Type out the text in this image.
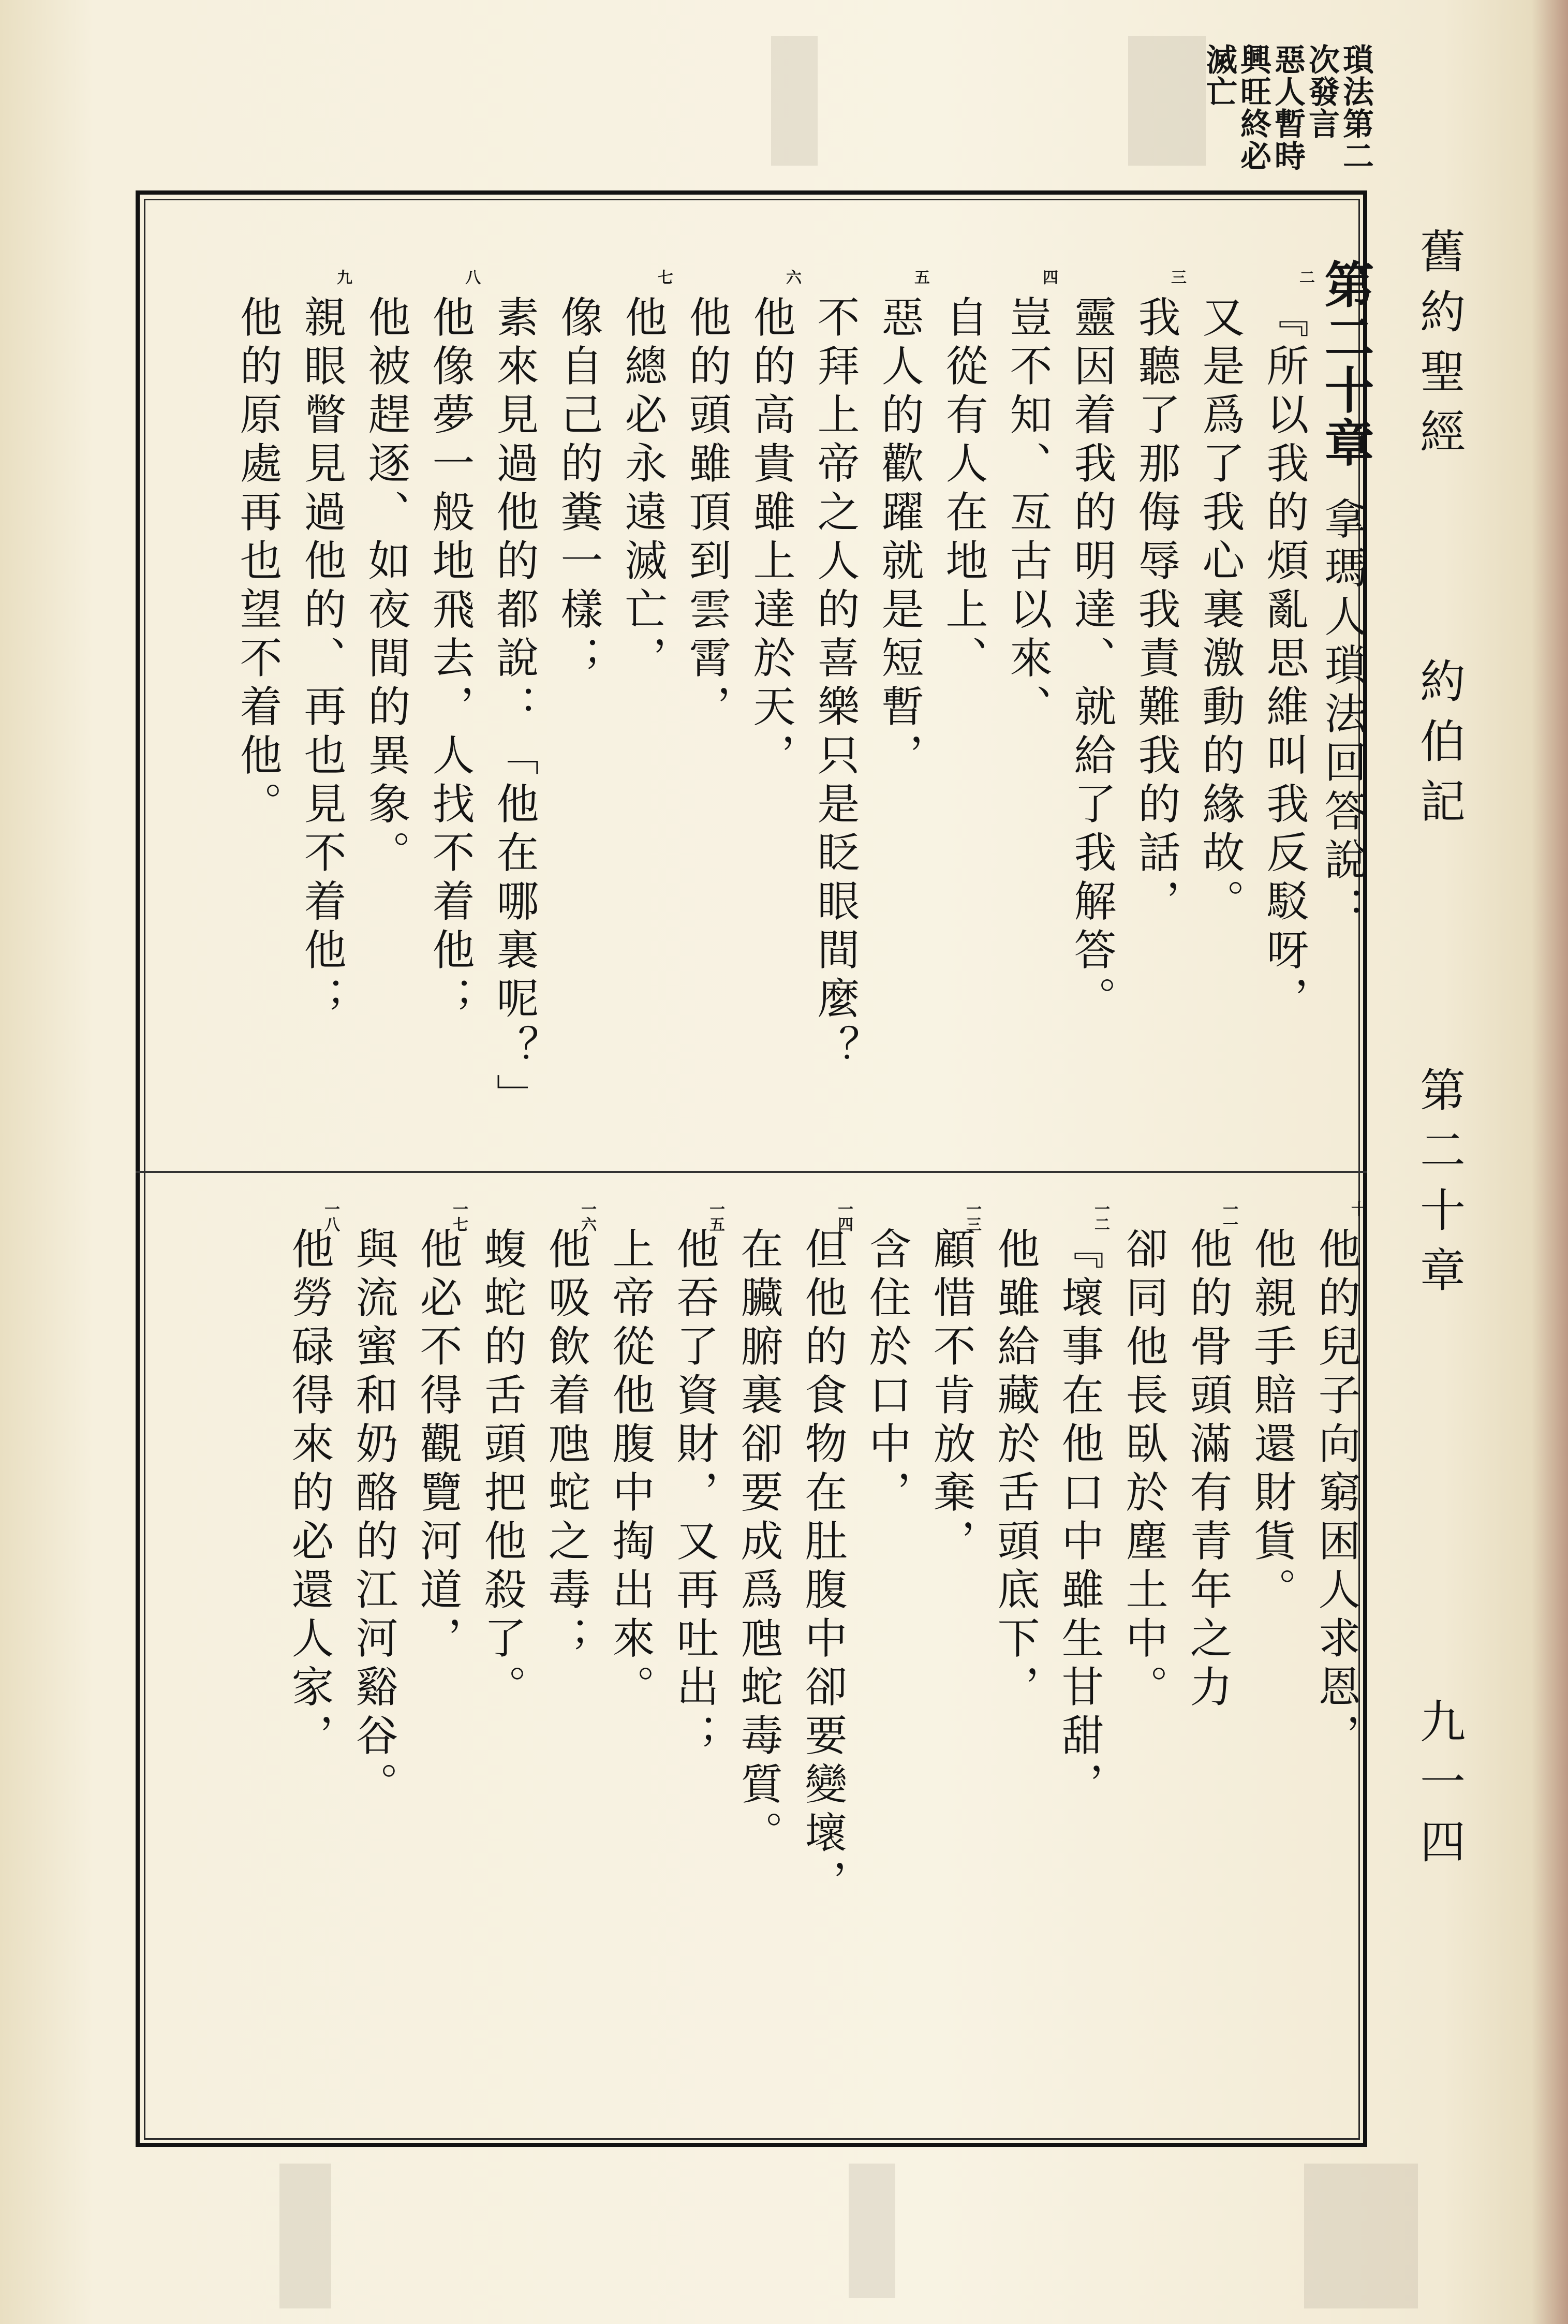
舊約聖經
約伯記
第二十章
九一四
瑣法第二
次發言
惡人暫時
興旺終必
滅亡
第二十章
拿瑪人瑣法回答說：
『所以我的煩亂思維叫我反駁呀，
二
又是爲了我心裏激動的緣故。
我聽了那侮辱我責難我的話，
三
靈因着我的明達、就給了我解答。
豈不知、亙古以來、
四
自從有人在地上、
惡人的歡躍就是短暫，
五
不拜上帝之人的喜樂只是眨眼間麼？
他的高貴雖上達於天，
六
他的頭雖頂到雲霄，
他總必永遠滅亡，
七
像自己的糞一樣；
素來見過他的都說：「他在哪裏呢？」
他像夢一般地飛去，人找不着他；
八
他被趕逐、如夜間的異象。
親眼瞥見過他的、再也見不着他；
九
他的原處再也望不着他。
他的兒子向窮困人求恩，
十
他親手賠還財貨。
他的骨頭滿有青年之力
一一
卻同他長臥於塵土中。
『壞事在他口中雖生甘甜，
一二
他雖給藏於舌頭底下，
顧惜不肯放棄，
一三
含住於口中，
但他的食物在肚腹中卻要變壞，
一四
在臟腑裏卻要成爲虺蛇毒質。
他吞了資財，又再吐出；
一五
上帝從他腹中掏出來。
他吸飲着虺蛇之毒；
一六
蝮蛇的舌頭把他殺了。
他必不得觀覽河道，
一七
與流蜜和奶酪的江河谿谷。
他勞碌得來的必還人家，
一八
